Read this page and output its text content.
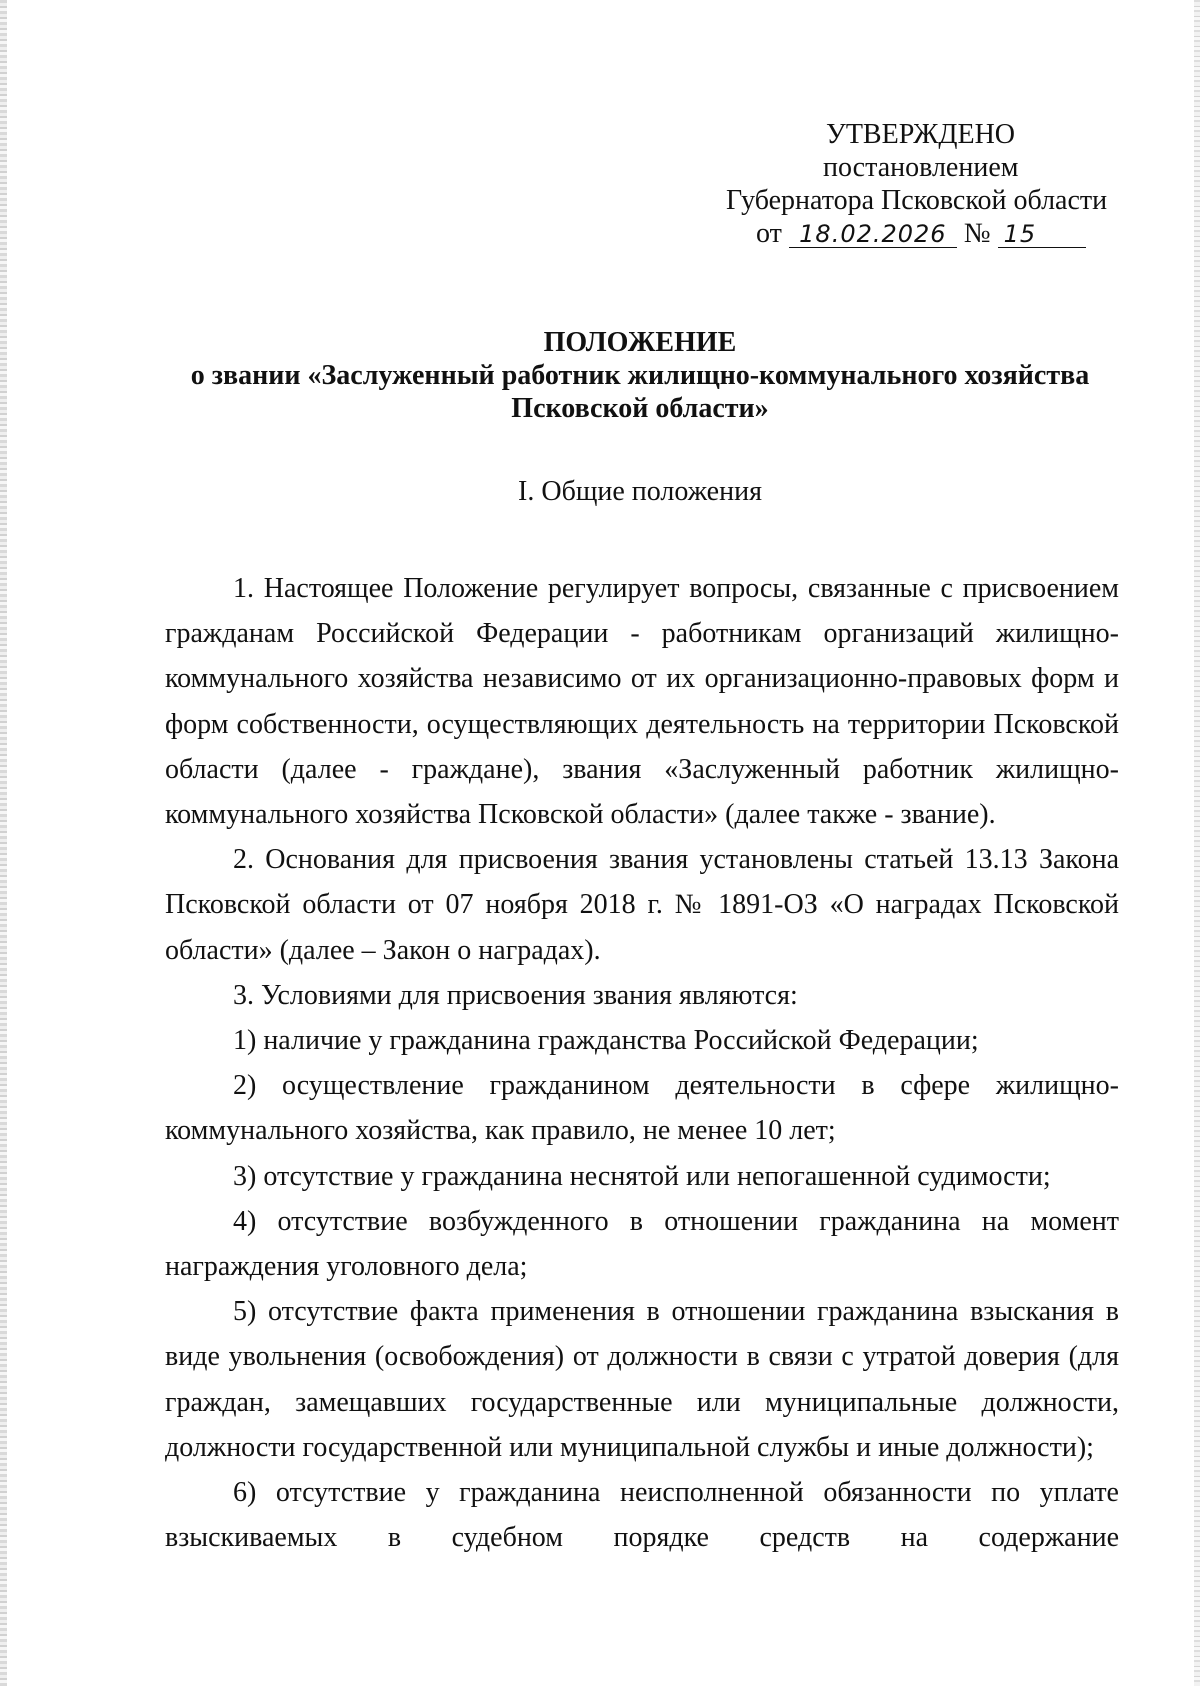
УТВЕРЖДЕНО
постановлением
Губернатора Псковской области
от 18.02.2026 № 15
ПОЛОЖЕНИЕ
о звании «Заслуженный работник жилищно-коммунального хозяйства
Псковской области»
I. Общие положения

1. Настоящее Положение регулирует вопросы, связанные с присвоением гражданам Российской Федерации - работникам организаций жилищно-коммунального хозяйства независимо от их организационно-правовых форм и форм собственности, осуществляющих деятельность на территории Псковской области (далее - граждане), звания «Заслуженный работник жилищно-коммунального хозяйства Псковской области» (далее также - звание).

2. Основания для присвоения звания установлены статьей 13.13 Закона Псковской области от 07 ноября 2018 г. № 1891-ОЗ «О наградах Псковской области» (далее – Закон о наградах).

3. Условиями для присвоения звания являются:

1) наличие у гражданина гражданства Российской Федерации;

2) осуществление гражданином деятельности в сфере жилищно-коммунального хозяйства, как правило, не менее 10 лет;

3) отсутствие у гражданина неснятой или непогашенной судимости;

4) отсутствие возбужденного в отношении гражданина на момент награждения уголовного дела;

5) отсутствие факта применения в отношении гражданина взыскания в виде увольнения (освобождения) от должности в связи с утратой доверия (для граждан, замещавших государственные или муниципальные должности, должности государственной или муниципальной службы и иные должности);

6) отсутствие у гражданина неисполненной обязанности по уплате взыскиваемых в судебном порядке средств на содержание
